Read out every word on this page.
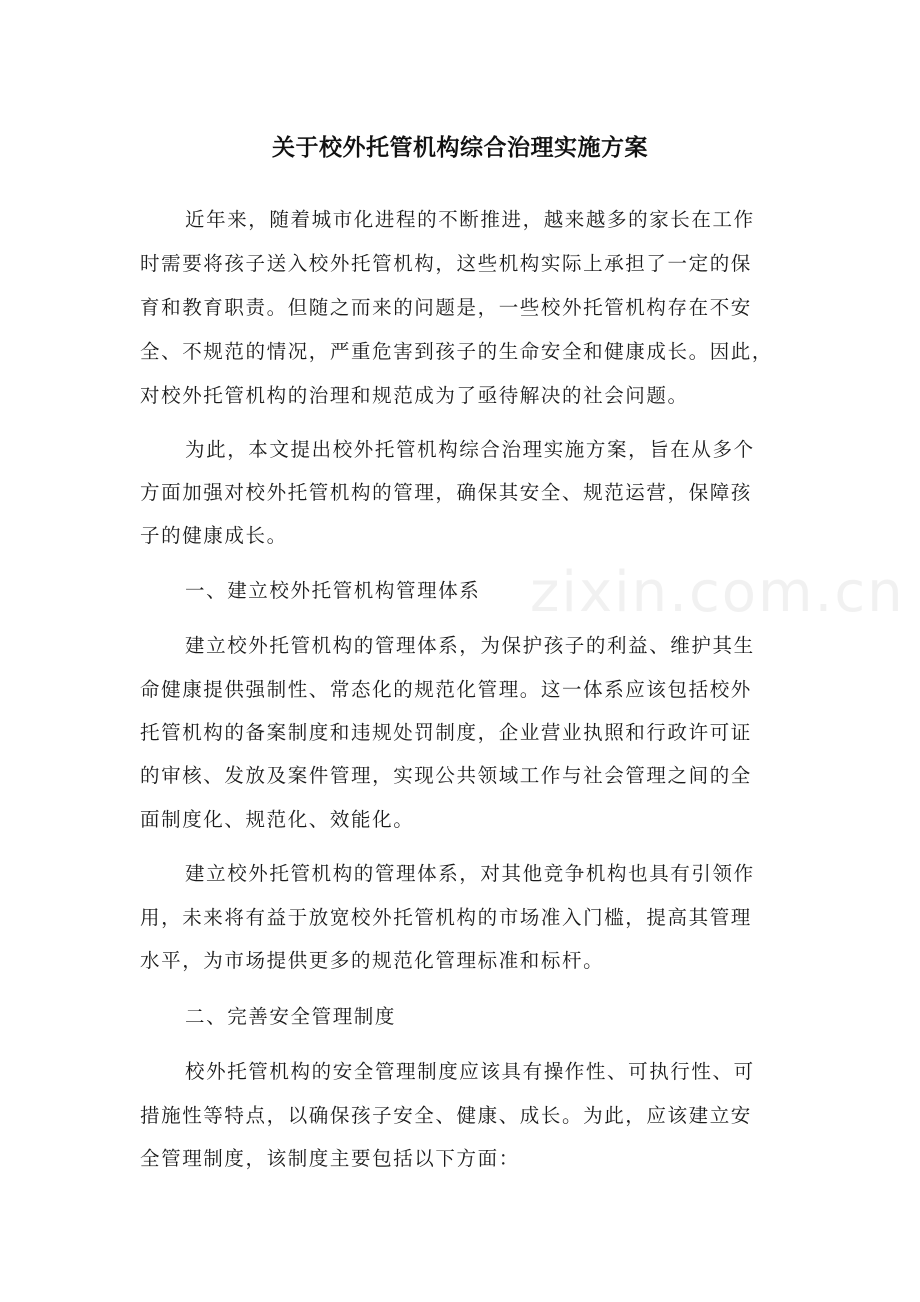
zixin.com.cn
关于校外托管机构综合治理实施方案
近年来，随着城市化进程的不断推进，越来越多的家长在工作
时需要将孩子送入校外托管机构，这些机构实际上承担了一定的保
育和教育职责。但随之而来的问题是，一些校外托管机构存在不安
全、不规范的情况，严重危害到孩子的生命安全和健康成长。因此，
对校外托管机构的治理和规范成为了亟待解决的社会问题。
为此，本文提出校外托管机构综合治理实施方案，旨在从多个
方面加强对校外托管机构的管理，确保其安全、规范运营，保障孩
子的健康成长。
一、建立校外托管机构管理体系
建立校外托管机构的管理体系，为保护孩子的利益、维护其生
命健康提供强制性、常态化的规范化管理。这一体系应该包括校外
托管机构的备案制度和违规处罚制度，企业营业执照和行政许可证
的审核、发放及案件管理，实现公共领域工作与社会管理之间的全
面制度化、规范化、效能化。
建立校外托管机构的管理体系，对其他竞争机构也具有引领作
用，未来将有益于放宽校外托管机构的市场准入门槛，提高其管理
水平，为市场提供更多的规范化管理标准和标杆。
二、完善安全管理制度
校外托管机构的安全管理制度应该具有操作性、可执行性、可
措施性等特点，以确保孩子安全、健康、成长。为此，应该建立安
全管理制度，该制度主要包括以下方面：
